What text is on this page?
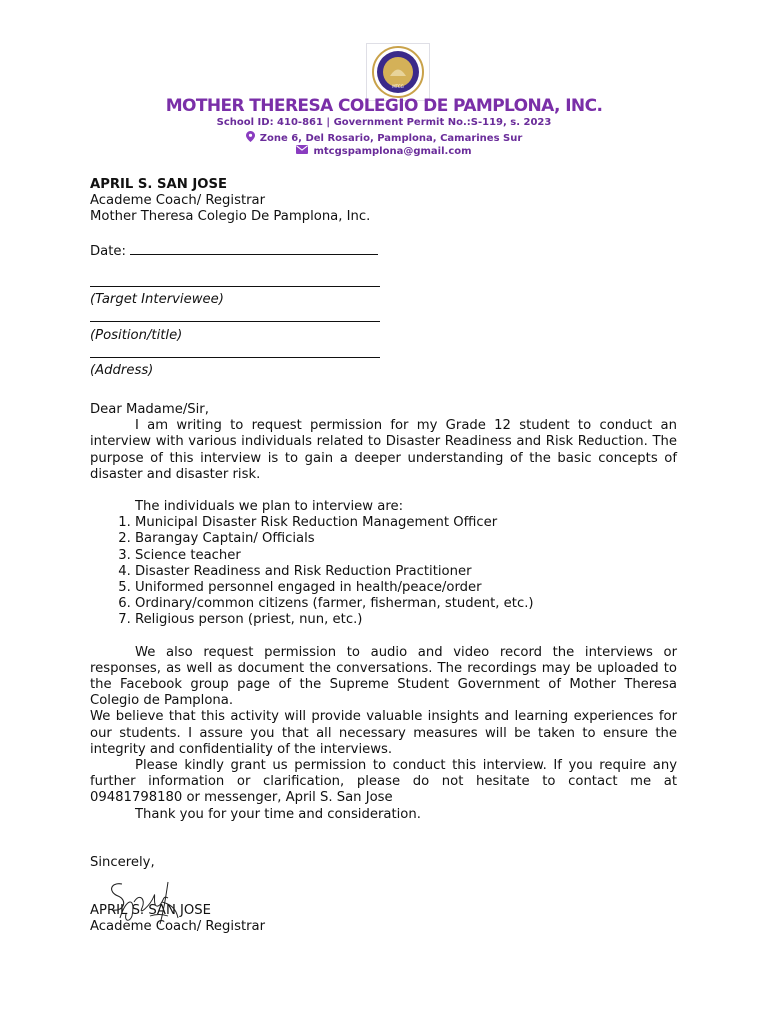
MTCG
MOTHER THERESA COLEGIO DE PAMPLONA, INC.
School ID: 410-861 | Government Permit No.:S-119, s. 2023
Zone 6, Del Rosario, Pamplona, Camarines Sur
mtcgspamplona@gmail.com
APRIL S. SAN JOSE
Academe Coach/ Registrar
Mother Theresa Colegio De Pamplona, Inc.
Date:
(Target Interviewee)
(Position/title)
(Address)
Dear Madame/Sir,
I am writing to request permission for my Grade 12 student to conduct an interview with various individuals related to Disaster Readiness and Risk Reduction. The purpose of this interview is to gain a deeper understanding of the basic concepts of disaster and disaster risk.
The individuals we plan to interview are:
1. Municipal Disaster Risk Reduction Management Officer
2. Barangay Captain/ Officials
3. Science teacher
4. Disaster Readiness and Risk Reduction Practitioner
5. Uniformed personnel engaged in health/peace/order
6. Ordinary/common citizens (farmer, fisherman, student, etc.)
7. Religious person (priest, nun, etc.)
We also request permission to audio and video record the interviews or responses, as well as document the conversations. The recordings may be uploaded to the Facebook group page of the Supreme Student Government of Mother Theresa Colegio de Pamplona.
We believe that this activity will provide valuable insights and learning experiences for our students. I assure you that all necessary measures will be taken to ensure the integrity and confidentiality of the interviews.
Please kindly grant us permission to conduct this interview. If you require any further information or clarification, please do not hesitate to contact me at 09481798180 or messenger, April S. San Jose
Thank you for your time and consideration.
Sincerely,
APRIL S. SAN JOSE
Academe Coach/ Registrar
